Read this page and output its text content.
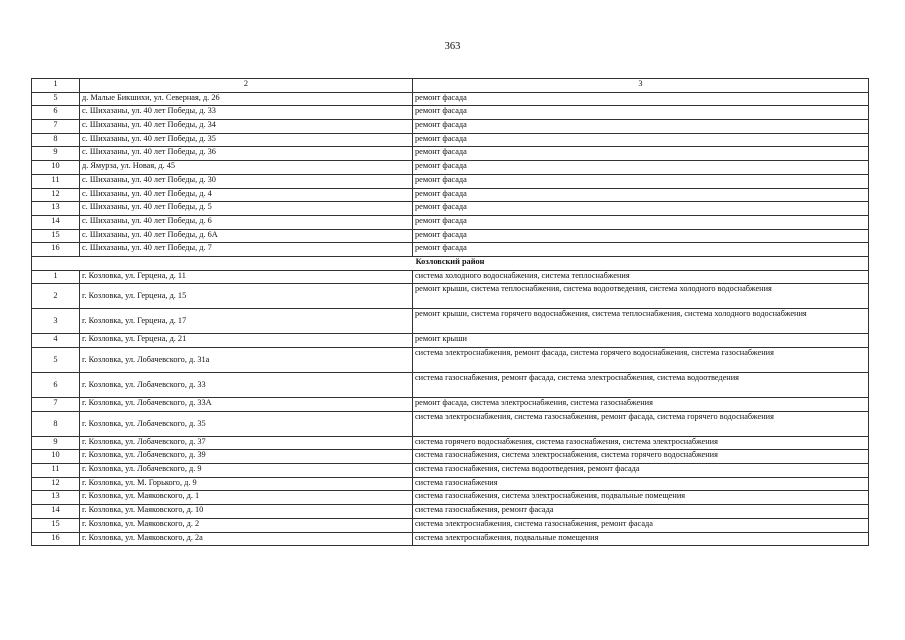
363
1	2	3
5	д. Малые Бикшихи, ул. Северная, д. 26	ремонт фасада
6	с. Шихазаны, ул. 40 лет Победы, д. 33	ремонт фасада
7	с. Шихазаны, ул. 40 лет Победы, д. 34	ремонт фасада
8	с. Шихазаны, ул. 40 лет Победы, д. 35	ремонт фасада
9	с. Шихазаны, ул. 40 лет Победы, д. 36	ремонт фасада
10	д. Ямурза, ул. Новая, д. 45	ремонт фасада
11	с. Шихазаны, ул. 40 лет Победы, д. 30	ремонт фасада
12	с. Шихазаны, ул. 40 лет Победы, д. 4	ремонт фасада
13	с. Шихазаны, ул. 40 лет Победы, д. 5	ремонт фасада
14	с. Шихазаны, ул. 40 лет Победы, д. 6	ремонт фасада
15	с. Шихазаны, ул. 40 лет Победы, д. 6А	ремонт фасада
16	с. Шихазаны, ул. 40 лет Победы, д. 7	ремонт фасада
Козловский район		
1	г. Козловка, ул. Герцена, д. 11	система холодного водоснабжения, система теплоснабжения
2	г. Козловка, ул. Герцена, д. 15	ремонт крыши, система теплоснабжения, система водоотведения, система холодного водоснабжения
3	г. Козловка, ул. Герцена, д. 17	ремонт крыши, система горячего водоснабжения, система теплоснабжения, система холодного водоснабжения
4	г. Козловка, ул. Герцена, д. 21	ремонт крыши
5	г. Козловка, ул. Лобачевского, д. 31а	система электроснабжения, ремонт фасада, система горячего водоснабжения, система газоснабжения
6	г. Козловка, ул. Лобачевского, д. 33	система газоснабжения, ремонт фасада, система электроснабжения, система водоотведения
7	г. Козловка, ул. Лобачевского, д. 33А	ремонт фасада, система электроснабжения, система газоснабжения
8	г. Козловка, ул. Лобачевского, д. 35	система электроснабжения, система газоснабжения, ремонт фасада, система горячего водоснабжения
9	г. Козловка, ул. Лобачевского, д. 37	система горячего водоснабжения, система газоснабжения, система электроснабжения
10	г. Козловка, ул. Лобачевского, д. 39	система газоснабжения, система электроснабжения, система горячего водоснабжения
11	г. Козловка, ул. Лобачевского, д. 9	система газоснабжения, система водоотведения, ремонт фасада
12	г. Козловка, ул. М. Горького, д. 9	система газоснабжения
13	г. Козловка, ул. Маяковского, д. 1	система газоснабжения, система электроснабжения, подвальные помещения
14	г. Козловка, ул. Маяковского, д. 10	система газоснабжения, ремонт фасада
15	г. Козловка, ул. Маяковского, д. 2	система электроснабжения, система газоснабжения, ремонт фасада
16	г. Козловка, ул. Маяковского, д. 2а	система электроснабжения, подвальные помещения
